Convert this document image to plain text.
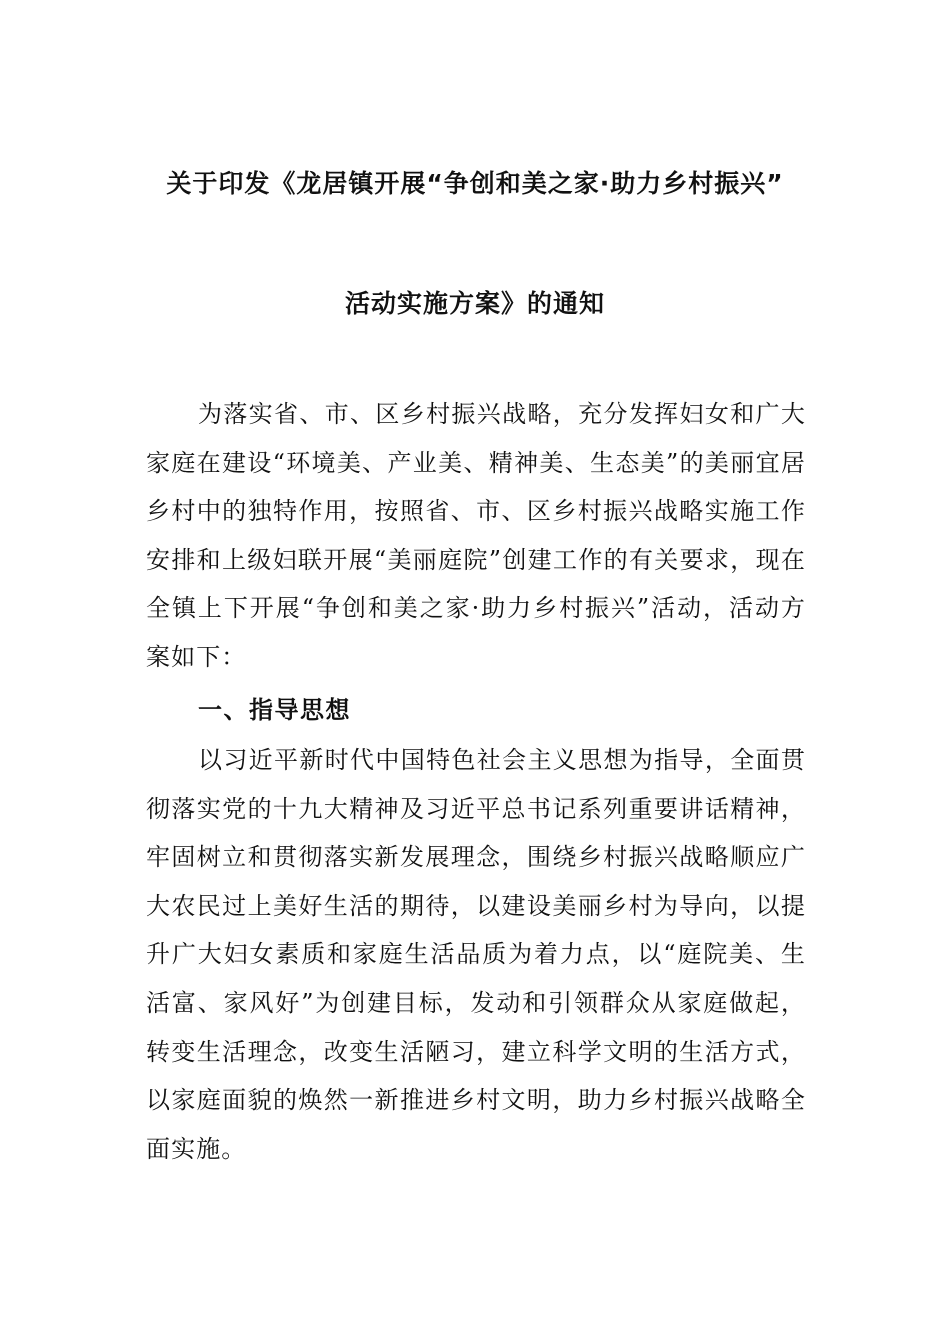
关于印发《龙居镇开展“争创和美之家·助力乡村振兴”
活动实施方案》的通知

为落实省、市、区乡村振兴战略，充分发挥妇女和广大家庭在建设“环境美、产业美、精神美、生态美”的美丽宜居乡村中的独特作用，按照省、市、区乡村振兴战略实施工作安排和上级妇联开展“美丽庭院”创建工作的有关要求，现在全镇上下开展“争创和美之家·助力乡村振兴”活动，活动方案如下：

一、指导思想

以习近平新时代中国特色社会主义思想为指导，全面贯彻落实党的十九大精神及习近平总书记系列重要讲话精神，牢固树立和贯彻落实新发展理念，围绕乡村振兴战略顺应广大农民过上美好生活的期待，以建设美丽乡村为导向，以提升广大妇女素质和家庭生活品质为着力点，以“庭院美、生活富、家风好”为创建目标，发动和引领群众从家庭做起，转变生活理念，改变生活陋习，建立科学文明的生活方式，以家庭面貌的焕然一新推进乡村文明，助力乡村振兴战略全面实施。
